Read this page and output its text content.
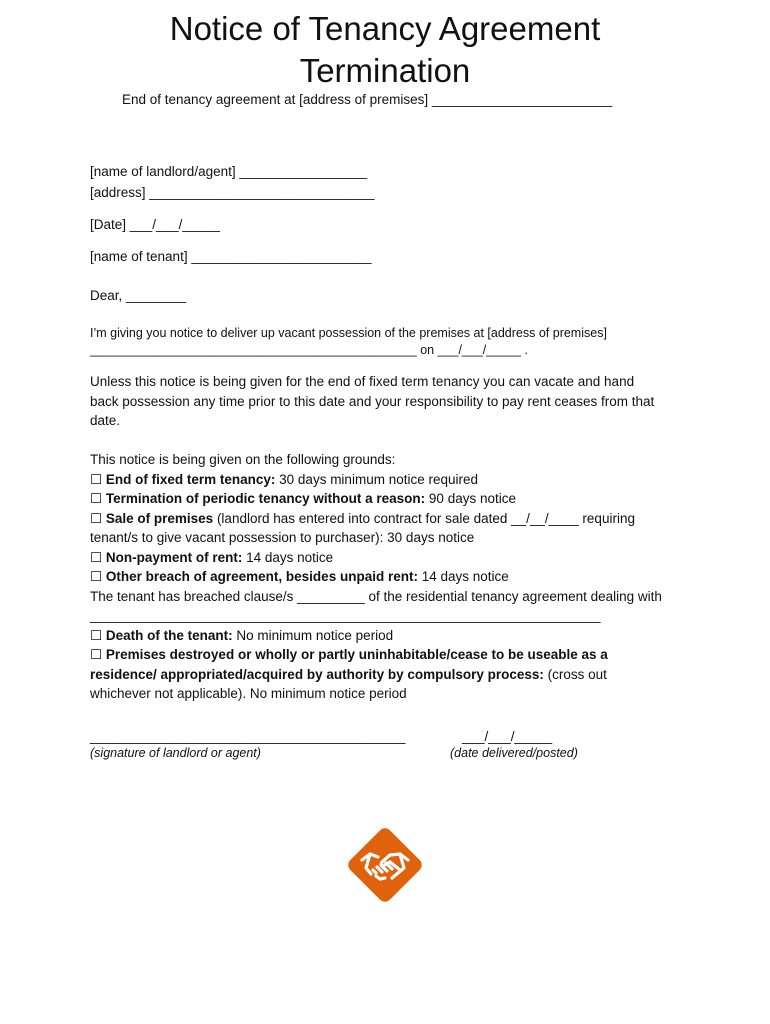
Notice of Tenancy Agreement
Termination
End of tenancy agreement at [address of premises] ________________________
[name of landlord/agent] _________________
[address] ______________________________
[Date] ___/___/_____
[name of tenant] ________________________
Dear, ________
I’m giving you notice to deliver up vacant possession of the premises at [address of premises]
_______________________________________________ on ___/___/_____ .
Unless this notice is being given for the end of fixed term tenancy you can vacate and hand
back possession any time prior to this date and your responsibility to pay rent ceases from that
date.
This notice is being given on the following grounds:
☐ End of fixed term tenancy: 30 days minimum notice required
☐ Termination of periodic tenancy without a reason: 90 days notice
☐ Sale of premises (landlord has entered into contract for sale dated __/__/____ requiring
tenant/s to give vacant possession to purchaser): 30 days notice
☐ Non-payment of rent: 14 days notice
☐ Other breach of agreement, besides unpaid rent: 14 days notice
The tenant has breached clause/s _________ of the residential tenancy agreement dealing with
____________________________________________________________________
☐ Death of the tenant: No minimum notice period
☐ Premises destroyed or wholly or partly uninhabitable/cease to be useable as a
residence/ appropriated/acquired by authority by compulsory process: (cross out
whichever not applicable). No minimum notice period
__________________________________________
(signature of landlord or agent)
___/___/_____
(date delivered/posted)
